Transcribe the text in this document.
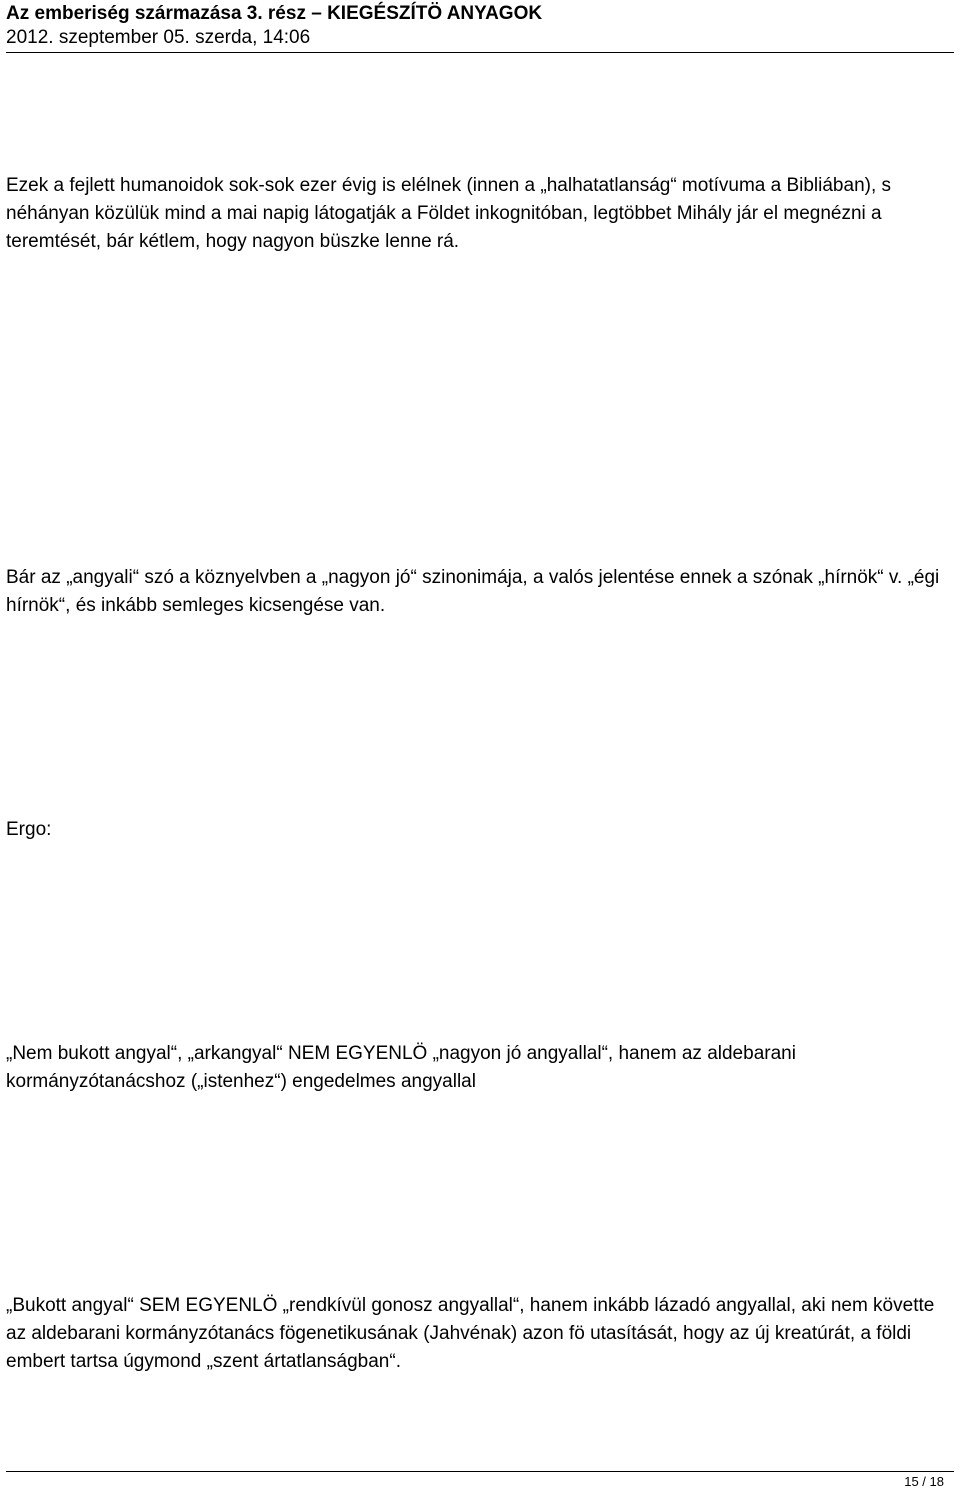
Az emberiség származása 3. rész – KIEGÉSZÍTÖ ANYAGOK
2012. szeptember 05. szerda, 14:06

Ezek a fejlett humanoidok sok-sok ezer évig is elélnek (innen a „halhatatlanság“ motívuma a Bibliában), s néhányan közülük mind a mai napig látogatják a Földet inkognitóban, legtöbbet Mihály jár el megnézni a teremtését, bár kétlem, hogy nagyon büszke lenne rá.

Bár az „angyali“ szó a köznyelvben a „nagyon jó“ szinonimája, a valós jelentése ennek a szónak „hírnök“ v. „égi hírnök“, és inkább semleges kicsengése van.

Ergo:

„Nem bukott angyal“, „arkangyal“ NEM EGYENLÖ „nagyon jó angyallal“, hanem az aldebarani kormányzótanácshoz („istenhez“) engedelmes angyallal

„Bukott angyal“ SEM EGYENLÖ „rendkívül gonosz angyallal“, hanem inkább lázadó angyallal, aki nem követte az aldebarani kormányzótanács fögenetikusának (Jahvénak) azon fö utasítását, hogy az új kreatúrát, a földi embert tartsa úgymond „szent ártatlanságban“.

15 / 18
